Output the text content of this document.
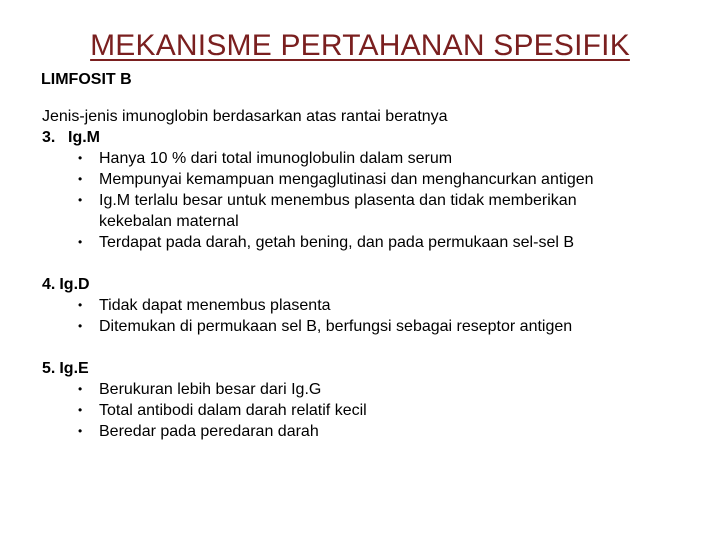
MEKANISME PERTAHANAN SPESIFIK
LIMFOSIT B

Jenis-jenis imunoglobin berdasarkan atas rantai beratnya

3. Ig.M
• Hanya 10 % dari total imunoglobulin dalam serum
• Mempunyai kemampuan mengaglutinasi dan menghancurkan antigen
• Ig.M terlalu besar untuk menembus plasenta dan tidak memberikan kekebalan maternal
• Terdapat pada darah, getah bening, dan pada permukaan sel-sel B
4. Ig.D
• Tidak dapat menembus plasenta
• Ditemukan di permukaan sel B, berfungsi sebagai reseptor antigen
5. Ig.E
• Berukuran lebih besar dari Ig.G
• Total antibodi dalam darah relatif kecil
• Beredar pada peredaran darah
